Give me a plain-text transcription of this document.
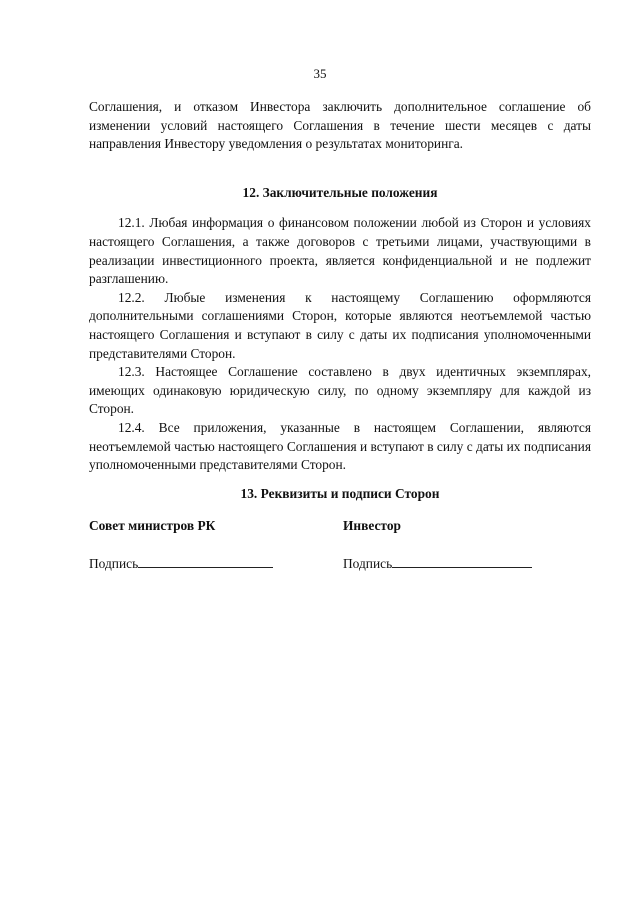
35

Соглашения, и отказом Инвестора заключить дополнительное соглашение об изменении условий настоящего Соглашения в течение шести месяцев с даты направления Инвестору уведомления о результатах мониторинга.

12. Заключительные положения

12.1. Любая информация о финансовом положении любой из Сторон и условиях настоящего Соглашения, а также договоров с третьими лицами, участвующими в реализации инвестиционного проекта, является конфиденциальной и не подлежит разглашению.

12.2. Любые изменения к настоящему Соглашению оформляются дополнительными соглашениями Сторон, которые являются неотъемлемой частью настоящего Соглашения и вступают в силу с даты их подписания уполномоченными представителями Сторон.

12.3. Настоящее Соглашение составлено в двух идентичных экземплярах, имеющих одинаковую юридическую силу, по одному экземпляру для каждой из Сторон.

12.4. Все приложения, указанные в настоящем Соглашении, являются неотъемлемой частью настоящего Соглашения и вступают в силу с даты их подписания уполномоченными представителями Сторон.

13. Реквизиты и подписи Сторон
Совет министров РК
Подпись
Инвестор
Подпись
